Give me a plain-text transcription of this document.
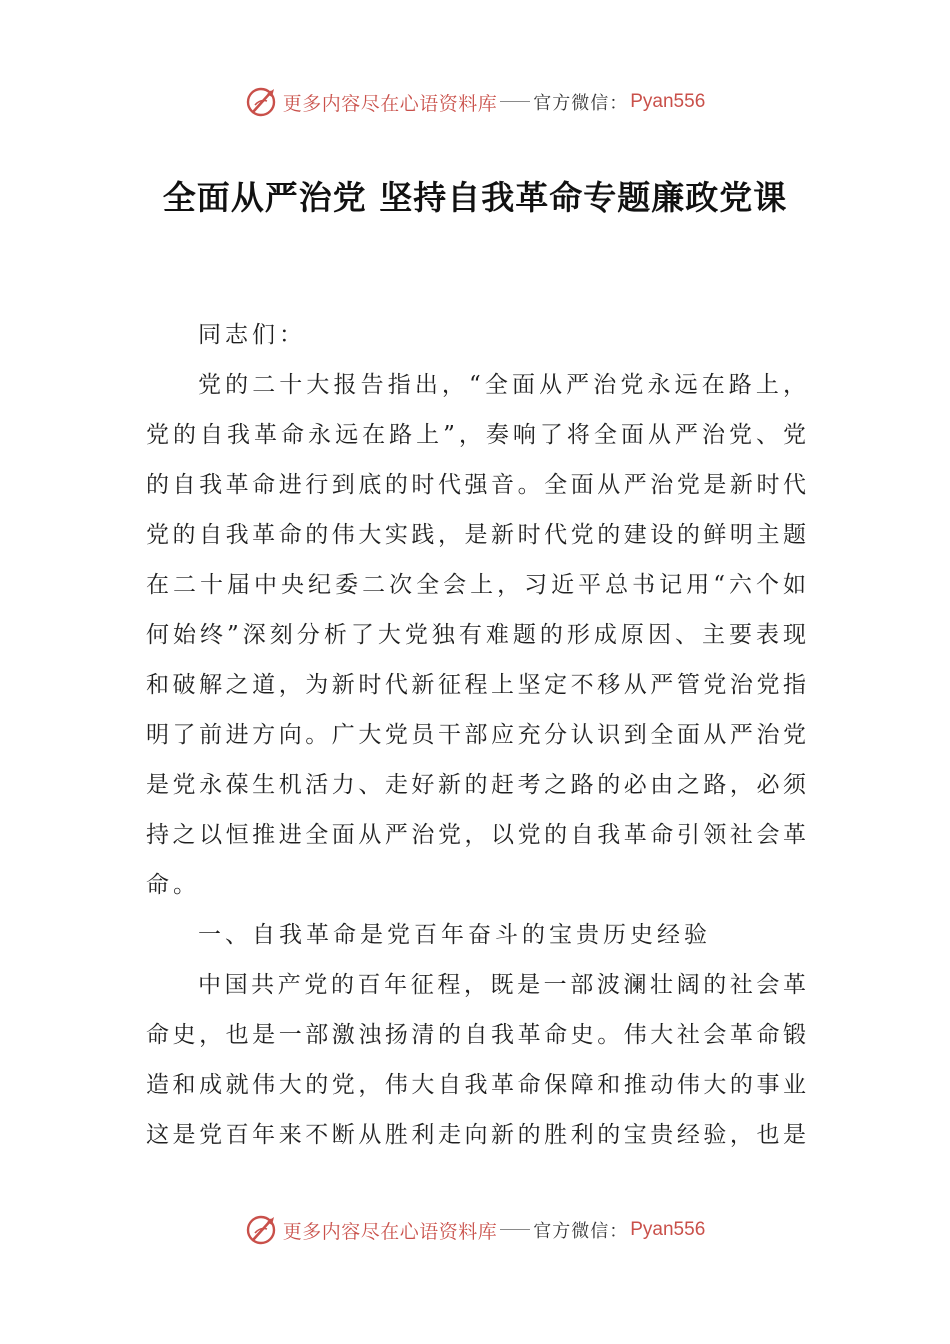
更多内容尽在心语资料库 官方微信： Pyan556
全面从严治党 坚持自我革命专题廉政党课
同志们：
党的二十大报告指出，“全面从严治党永远在路上，
党的自我革命永远在路上”，奏响了将全面从严治党、党
的自我革命进行到底的时代强音。全面从严治党是新时代
党的自我革命的伟大实践，是新时代党的建设的鲜明主题
在二十届中央纪委二次全会上，习近平总书记用“六个如
何始终”深刻分析了大党独有难题的形成原因、主要表现
和破解之道，为新时代新征程上坚定不移从严管党治党指
明了前进方向。广大党员干部应充分认识到全面从严治党
是党永葆生机活力、走好新的赶考之路的必由之路，必须
持之以恒推进全面从严治党，以党的自我革命引领社会革
命。
一、自我革命是党百年奋斗的宝贵历史经验
中国共产党的百年征程，既是一部波澜壮阔的社会革
命史，也是一部激浊扬清的自我革命史。伟大社会革命锻
造和成就伟大的党，伟大自我革命保障和推动伟大的事业
这是党百年来不断从胜利走向新的胜利的宝贵经验，也是
更多内容尽在心语资料库 官方微信： Pyan556
